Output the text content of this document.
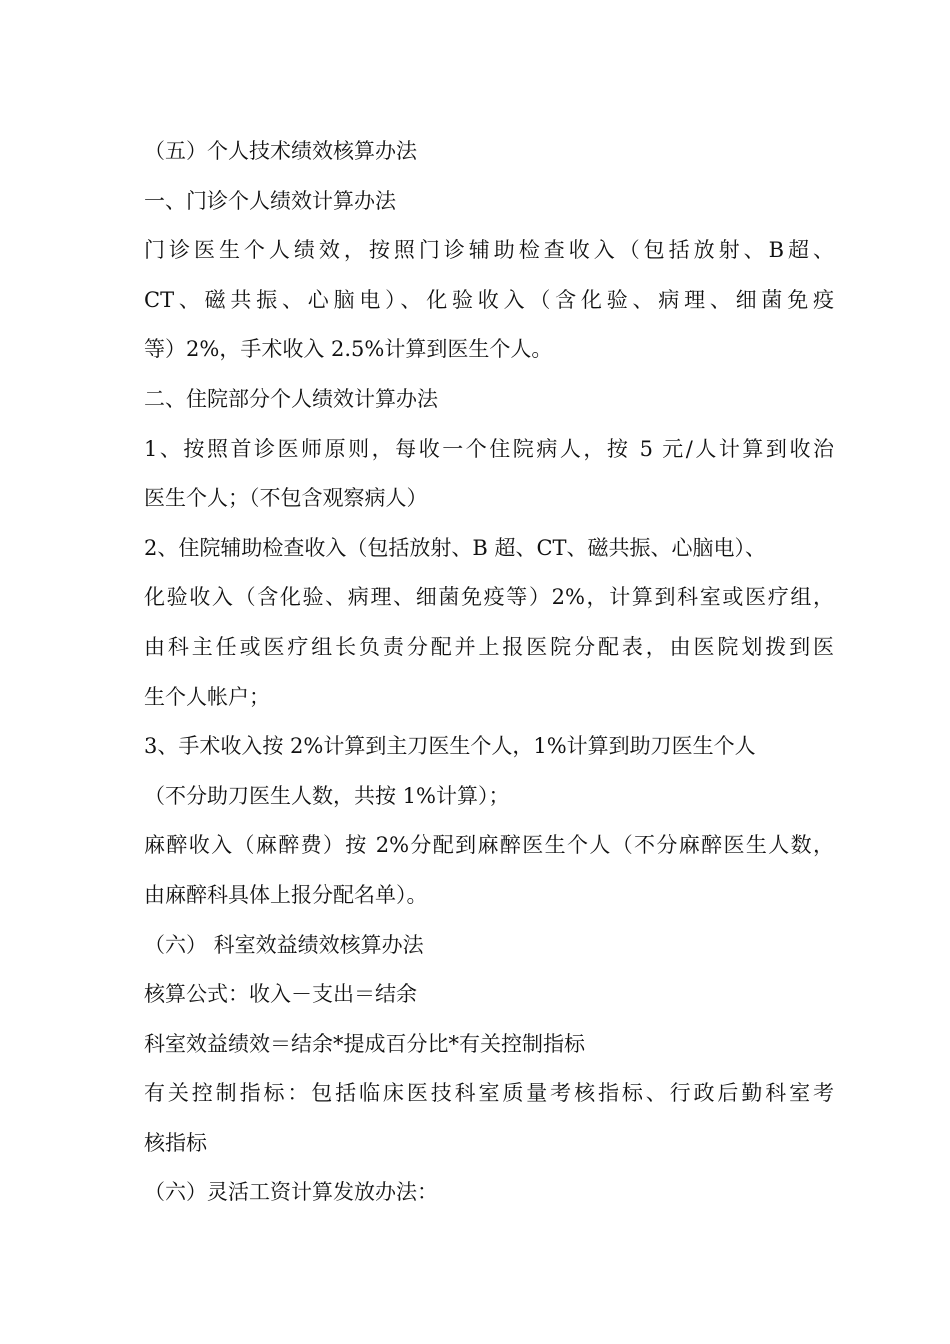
（五）个人技术绩效核算办法
一、门诊个人绩效计算办法
门诊医生个人绩效，按照门诊辅助检查收入（包括放射、B超、
CT、磁共振、心脑电）、化验收入（含化验、病理、细菌免疫
等）2%，手术收入 2.5%计算到医生个人。
二、住院部分个人绩效计算办法
1、按照首诊医师原则，每收一个住院病人，按 5 元/人计算到收治
医生个人；（不包含观察病人）
2、住院辅助检查收入（包括放射、B 超、CT、磁共振、心脑电）、
化验收入（含化验、病理、细菌免疫等）2%，计算到科室或医疗组，
由科主任或医疗组长负责分配并上报医院分配表，由医院划拨到医
生个人帐户；
3、手术收入按 2%计算到主刀医生个人，1%计算到助刀医生个人
（不分助刀医生人数，共按 1%计算）；
麻醉收入（麻醉费）按 2%分配到麻醉医生个人（不分麻醉医生人数，
由麻醉科具体上报分配名单）。
（六） 科室效益绩效核算办法
核算公式：收入－支出＝结余
科室效益绩效＝结余*提成百分比*有关控制指标
有关控制指标：包括临床医技科室质量考核指标、行政后勤科室考
核指标
（六）灵活工资计算发放办法：
